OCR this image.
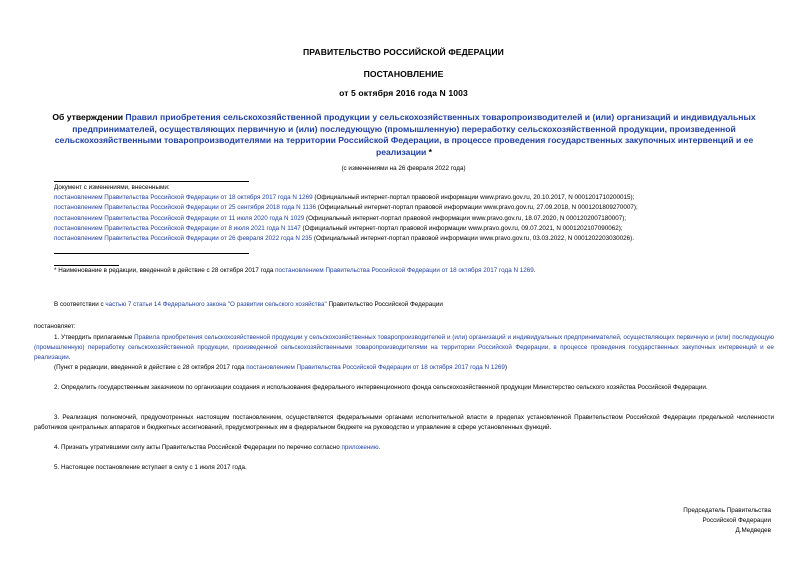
ПРАВИТЕЛЬСТВО РОССИЙСКОЙ ФЕДЕРАЦИИ
ПОСТАНОВЛЕНИЕ
от 5 октября 2016 года N 1003
Об утверждении Правил приобретения сельскохозяйственной продукции у сельскохозяйственных товаропроизводителей и (или) организаций и индивидуальных предпринимателей, осуществляющих первичную и (или) последующую (промышленную) переработку сельскохозяйственной продукции, произведенной сельскохозяйственными товаропроизводителями на территории Российской Федерации, в процессе проведения государственных закупочных интервенций и ее реализации *
(с изменениями на 26 февраля 2022 года)
Документ с изменениями, внесенными:
постановлением Правительства Российской Федерации от 18 октября 2017 года N 1269 (Официальный интернет-портал правовой информации www.pravo.gov.ru, 20.10.2017, N 0001201710200015);
постановлением Правительства Российской Федерации от 25 сентября 2018 года N 1136 (Официальный интернет-портал правовой информации www.pravo.gov.ru, 27.09.2018, N 0001201809270007);
постановлением Правительства Российской Федерации от 11 июля 2020 года N 1029 (Официальный интернет-портал правовой информации www.pravo.gov.ru, 18.07.2020, N 0001202007180007);
постановлением Правительства Российской Федерации от 8 июля 2021 года N 1147 (Официальный интернет-портал правовой информации www.pravo.gov.ru, 09.07.2021, N 0001202107090062);
постановлением Правительства Российской Федерации от 26 февраля 2022 года N 235 (Официальный интернет-портал правовой информации www.pravo.gov.ru, 03.03.2022, N 0001202203030026).
* Наименование в редакции, введенной в действие с 28 октября 2017 года постановлением Правительства Российской Федерации от 18 октября 2017 года N 1269.
В соответствии с частью 7 статьи 14 Федерального закона "О развитии сельского хозяйства" Правительство Российской Федерации
постановляет:
1. Утвердить прилагаемые Правила приобретения сельскохозяйственной продукции у сельскохозяйственных товаропроизводителей и (или) организаций и индивидуальных предпринимателей, осуществляющих первичную и (или) последующую (промышленную) переработку сельскохозяйственной продукции, произведенной сельскохозяйственными товаропроизводителями на территории Российской Федерации, в процессе проведения государственных закупочных интервенций и ее реализации.
(Пункт в редакции, введенной в действие с 28 октября 2017 года постановлением Правительства Российской Федерации от 18 октября 2017 года N 1269)
2. Определить государственным заказчиком по организации создания и использования федерального интервенционного фонда сельскохозяйственной продукции Министерство сельского хозяйства Российской Федерации.
3. Реализация полномочий, предусмотренных настоящим постановлением, осуществляется федеральными органами исполнительной власти в пределах установленной Правительством Российской Федерации предельной численности работников центральных аппаратов и бюджетных ассигнований, предусмотренных им в федеральном бюджете на руководство и управление в сфере установленных функций.
4. Признать утратившими силу акты Правительства Российской Федерации по перечню согласно приложению.
5. Настоящее постановление вступает в силу с 1 июля 2017 года.
Председатель Правительства
Российской Федерации
Д.Медведев
